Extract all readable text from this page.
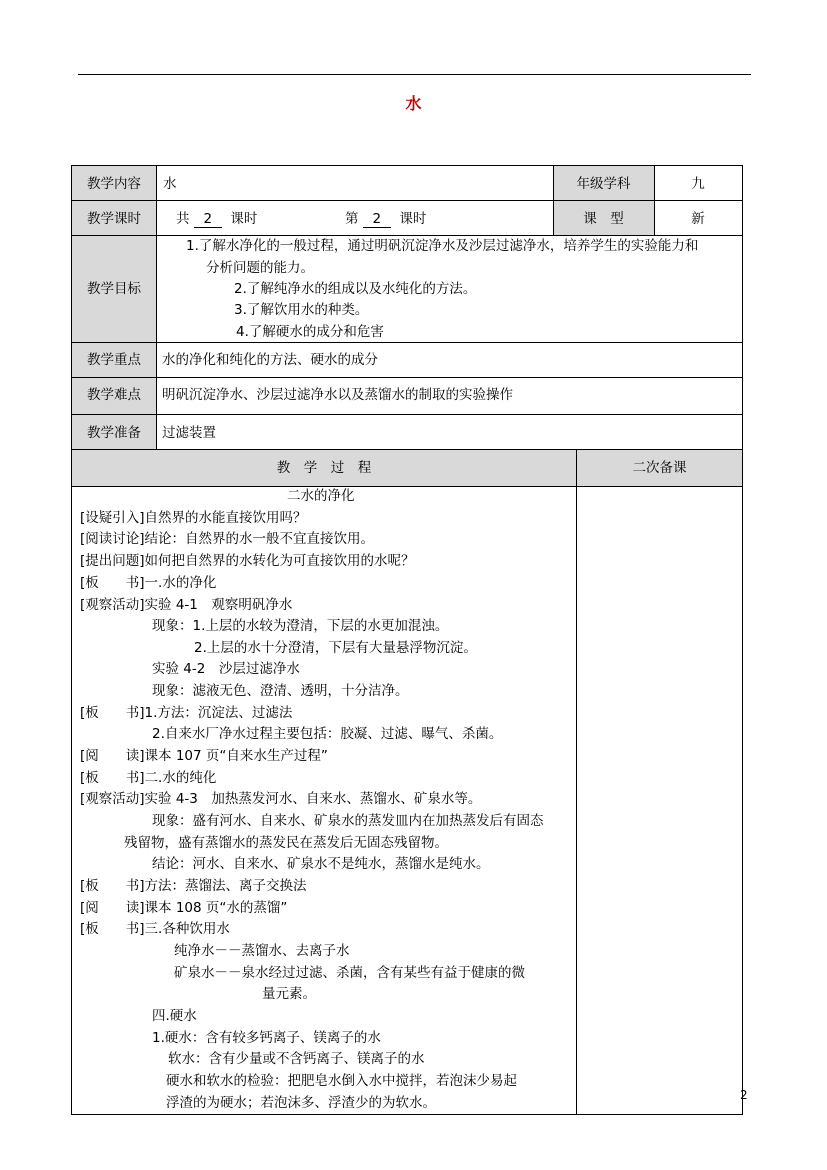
水
教学内容	水	年级学科	九
教学课时	共 2 课时	第 2 课时	课　型	新
教学目标
1.了解水净化的一般过程，通过明矾沉淀净水及沙层过滤净水，培养学生的实验能力和
分析问题的能力。
2.了解纯净水的组成以及水纯化的方法。
3.了解饮用水的种类。
4.了解硬水的成分和危害
教学重点	水的净化和纯化的方法、硬水的成分
教学难点	明矾沉淀净水、沙层过滤净水以及蒸馏水的制取的实验操作
教学准备	过滤装置
教　学　过　程	二次备课
二水的净化
[设疑引入]自然界的水能直接饮用吗？
[阅读讨论]结论：自然界的水一般不宜直接饮用。
[提出问题]如何把自然界的水转化为可直接饮用的水呢？
[板　　书]一.水的净化
[观察活动]实验 4-1　观察明矾净水
现象：1.上层的水较为澄清，下层的水更加混浊。
2.上层的水十分澄清，下层有大量悬浮物沉淀。
实验 4-2　沙层过滤净水
现象：滤液无色、澄清、透明，十分洁净。
[板　　书]1.方法：沉淀法、过滤法
2.自来水厂净水过程主要包括：胶凝、过滤、曝气、杀菌。
[阅　　读]课本 107 页“自来水生产过程”
[板　　书]二.水的纯化
[观察活动]实验 4-3　加热蒸发河水、自来水、蒸馏水、矿泉水等。
现象：盛有河水、自来水、矿泉水的蒸发皿内在加热蒸发后有固态
残留物，盛有蒸馏水的蒸发民在蒸发后无固态残留物。
结论：河水、自来水、矿泉水不是纯水，蒸馏水是纯水。
[板　　书]方法：蒸馏法、离子交换法
[阅　　读]课本 108 页“水的蒸馏”
[板　　书]三.各种饮用水
纯净水－－蒸馏水、去离子水
矿泉水－－泉水经过过滤、杀菌，含有某些有益于健康的微
量元素。
四.硬水
1.硬水：含有较多钙离子、镁离子的水
软水：含有少量或不含钙离子、镁离子的水
硬水和软水的检验：把肥皂水倒入水中搅拌，若泡沫少易起
浮渣的为硬水；若泡沫多、浮渣少的为软水。	2
